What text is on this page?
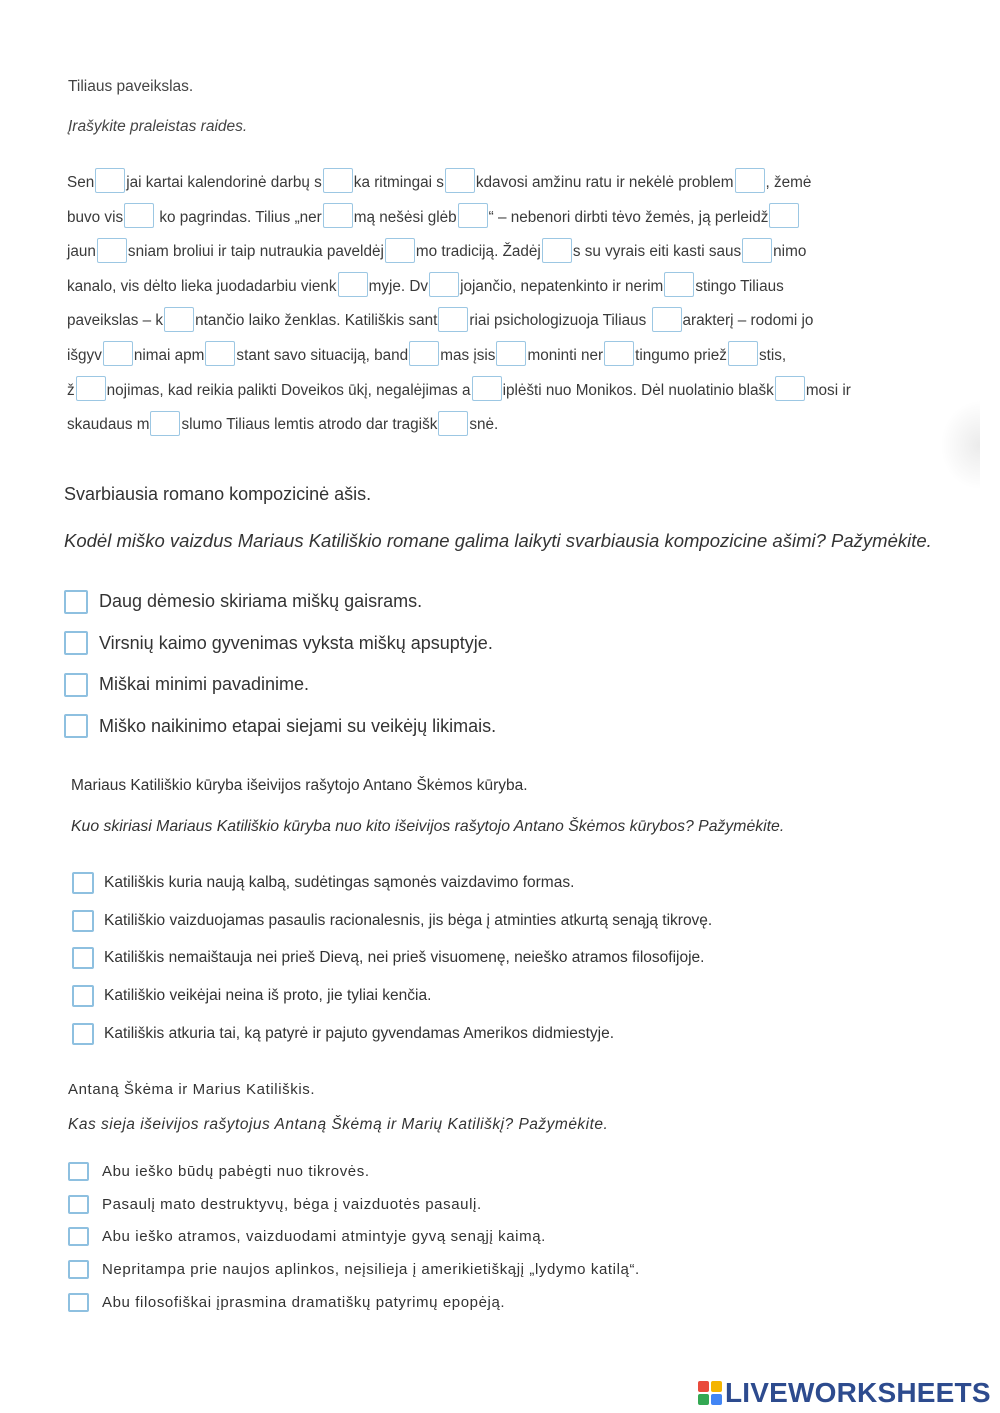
Tiliaus paveikslas.

Įrašykite praleistas raides.

Sen jai kartai kalendorinė darbų s ka ritmingai s kdavosi amžinu ratu ir nekėlė problem , žemė
buvo vis ko pagrindas. Tilius „ner mą nešėsi glėb “ – nebenori dirbti tėvo žemės, ją perleidž
jaun sniam broliui ir taip nutraukia paveldėj mo tradiciją. Žadėj s su vyrais eiti kasti saus nimo
kanalo, vis dėlto lieka juodadarbiu vienk myje. Dv jojančio, nepatenkinto ir nerim stingo Tiliaus
paveikslas – k ntančio laiko ženklas. Katiliškis sant riai psichologizuoja Tiliaus arakterį – rodomi jo
išgyv nimai apm stant savo situaciją, band mas įsis moninti ner tingumo priež stis,
ž nojimas, kad reikia palikti Doveikos ūkį, negalėjimas a iplėšti nuo Monikos. Dėl nuolatinio blašk mosi ir
skaudaus m slumo Tiliaus lemtis atrodo dar tragišk snė.

Svarbiausia romano kompozicinė ašis.

Kodėl miško vaizdus Mariaus Katiliškio romane galima laikyti svarbiausia kompozicine ašimi? Pažymėkite.

Daug dėmesio skiriama miškų gaisrams.
Virsnių kaimo gyvenimas vyksta miškų apsuptyje.
Miškai minimi pavadinime.
Miško naikinimo etapai siejami su veikėjų likimais.

Mariaus Katiliškio kūryba išeivijos rašytojo Antano Škėmos kūryba.

Kuo skiriasi Mariaus Katiliškio kūryba nuo kito išeivijos rašytojo Antano Škėmos kūrybos? Pažymėkite.

Katiliškis kuria naują kalbą, sudėtingas sąmonės vaizdavimo formas.
Katiliškio vaizduojamas pasaulis racionalesnis, jis bėga į atminties atkurtą senąją tikrovę.
Katiliškis nemaištauja nei prieš Dievą, nei prieš visuomenę, neieško atramos filosofijoje.
Katiliškio veikėjai neina iš proto, jie tyliai kenčia.
Katiliškis atkuria tai, ką patyrė ir pajuto gyvendamas Amerikos didmiestyje.

Antaną Škėma ir Marius Katiliškis.

Kas sieja išeivijos rašytojus Antaną Škėmą ir Marių Katiliškį? Pažymėkite.

Abu ieško būdų pabėgti nuo tikrovės.
Pasaulį mato destruktyvų, bėga į vaizduotės pasaulį.
Abu ieško atramos, vaizduodami atmintyje gyvą senąjį kaimą.
Nepritampa prie naujos aplinkos, neįsilieja į amerikietiškąjį „lydymo katilą“.
Abu filosofiškai įprasmina dramatiškų patyrimų epopėją.
LIVEWORKSHEETS
